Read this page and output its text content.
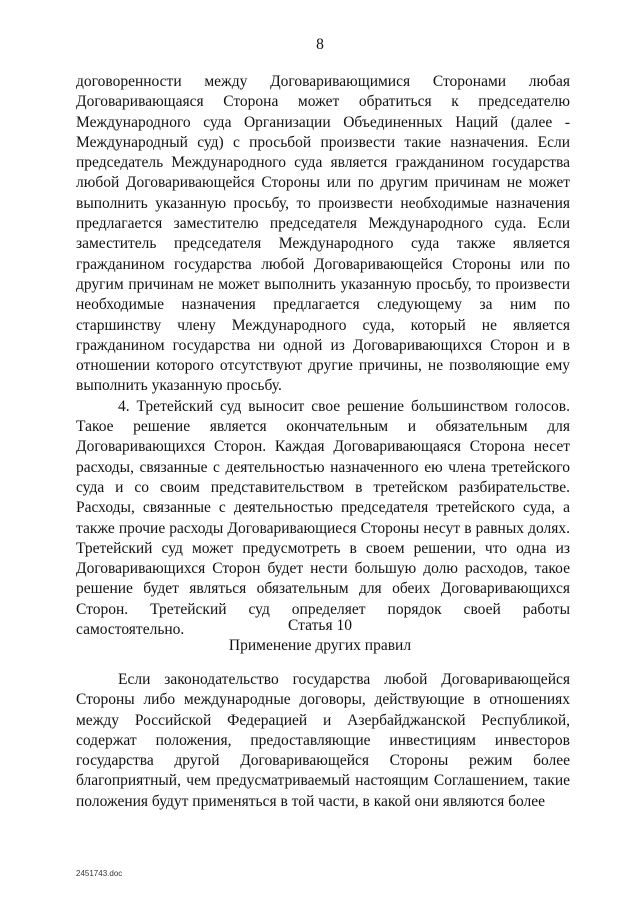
8

договоренности между Договаривающимися Сторонами любая Договаривающаяся Сторона может обратиться к председателю Международного суда Организации Объединенных Наций (далее - Международный суд) с просьбой произвести такие назначения. Если председатель Международного суда является гражданином государства любой Договаривающейся Стороны или по другим причинам не может выполнить указанную просьбу, то произвести необходимые назначения предлагается заместителю председателя Международного суда. Если заместитель председателя Международного суда также является гражданином государства любой Договаривающейся Стороны или по другим причинам не может выполнить указанную просьбу, то произвести необходимые назначения предлагается следующему за ним по старшинству члену Международного суда, который не является гражданином государства ни одной из Договаривающихся Сторон и в отношении которого отсутствуют другие причины, не позволяющие ему выполнить указанную просьбу.

4. Третейский суд выносит свое решение большинством голосов. Такое решение является окончательным и обязательным для Договаривающихся Сторон. Каждая Договаривающаяся Сторона несет расходы, связанные с деятельностью назначенного ею члена третейского суда и со своим представительством в третейском разбирательстве. Расходы, связанные с деятельностью председателя третейского суда, а также прочие расходы Договаривающиеся Стороны несут в равных долях. Третейский суд может предусмотреть в своем решении, что одна из Договаривающихся Сторон будет нести большую долю расходов, такое решение будет являться обязательным для обеих Договаривающихся Сторон. Третейский суд определяет порядок своей работы самостоятельно.	Статья 10
Применение других правил

Если законодательство государства любой Договаривающейся Стороны либо международные договоры, действующие в отношениях между Российской Федерацией и Азербайджанской Республикой, содержат положения, предоставляющие инвестициям инвесторов государства другой Договаривающейся Стороны режим более благоприятный, чем предусматриваемый настоящим Соглашением, такие положения будут применяться в той части, в какой они являются более

2451743.doc
